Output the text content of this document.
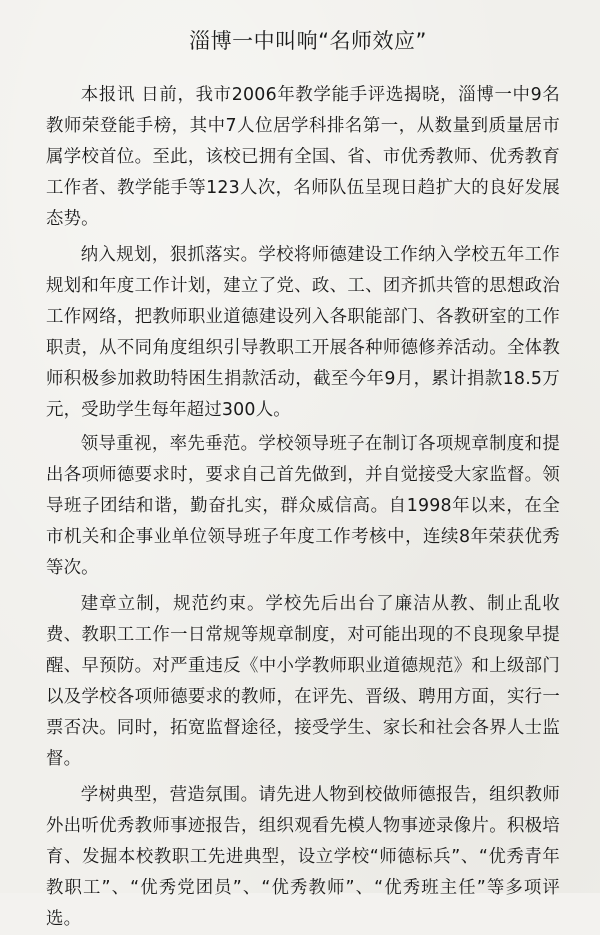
淄博一中叫响“名师效应”

本报讯 日前，我市2006年教学能手评选揭晓，淄博一中9名教师荣登能手榜，其中7人位居学科排名第一，从数量到质量居市属学校首位。至此，该校已拥有全国、省、市优秀教师、优秀教育工作者、教学能手等123人次，名师队伍呈现日趋扩大的良好发展态势。

纳入规划，狠抓落实。学校将师德建设工作纳入学校五年工作规划和年度工作计划，建立了党、政、工、团齐抓共管的思想政治工作网络，把教师职业道德建设列入各职能部门、各教研室的工作职责，从不同角度组织引导教职工开展各种师德修养活动。全体教师积极参加救助特困生捐款活动，截至今年9月，累计捐款18.5万元，受助学生每年超过300人。

领导重视，率先垂范。学校领导班子在制订各项规章制度和提出各项师德要求时，要求自己首先做到，并自觉接受大家监督。领导班子团结和谐，勤奋扎实，群众威信高。自1998年以来，在全市机关和企事业单位领导班子年度工作考核中，连续8年荣获优秀等次。

建章立制，规范约束。学校先后出台了廉洁从教、制止乱收费、教职工工作一日常规等规章制度，对可能出现的不良现象早提醒、早预防。对严重违反《中小学教师职业道德规范》和上级部门以及学校各项师德要求的教师，在评先、晋级、聘用方面，实行一票否决。同时，拓宽监督途径，接受学生、家长和社会各界人士监督。

学树典型，营造氛围。请先进人物到校做师德报告，组织教师外出听优秀教师事迹报告，组织观看先模人物事迹录像片。积极培育、发掘本校教职工先进典型，设立学校“师德标兵”、“优秀青年教职工”、“优秀党团员”、“优秀教师”、“优秀班主任”等多项评选。
